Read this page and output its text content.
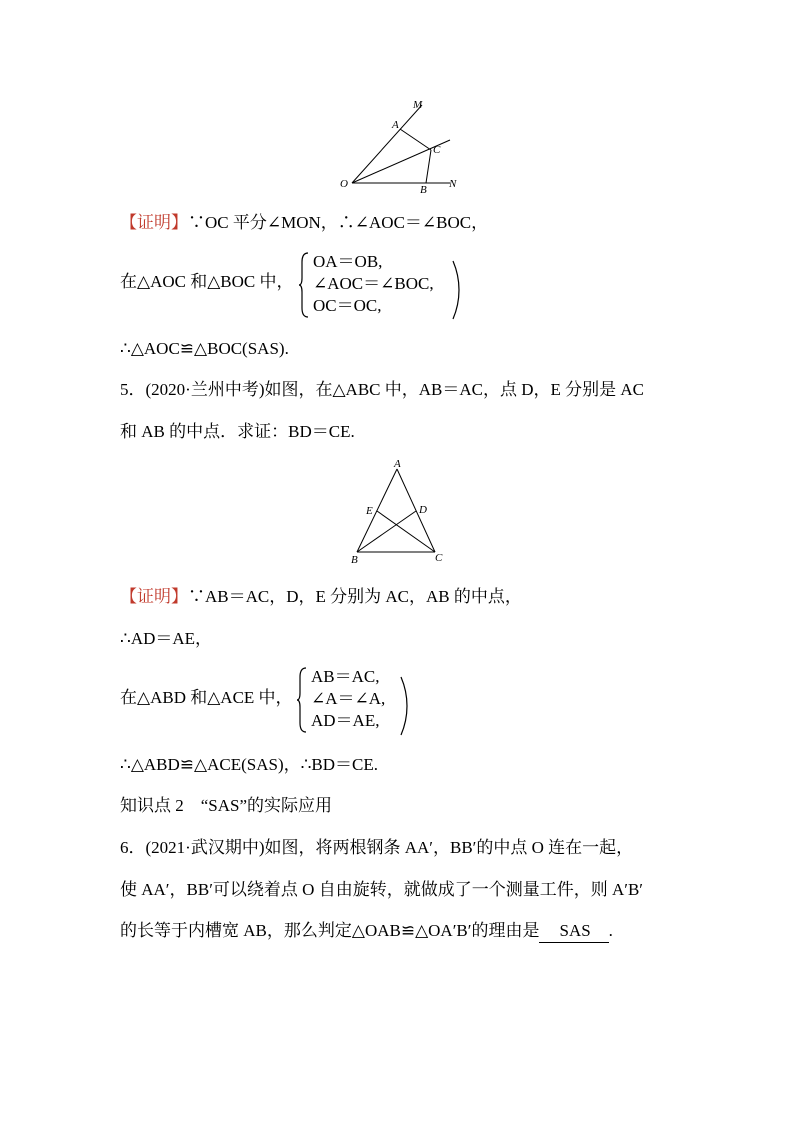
M
A
C
O	B N
【证明】∵OC 平分∠MON，∴∠AOC＝∠BOC，
在△AOC 和△BOC 中，
OA＝OB,
∠AOC＝∠BOC,
OC＝OC,
∴△AOC≌△BOC(SAS).
5．(2020·兰州中考)如图，在△ABC 中，AB＝AC，点 D，E 分别是 AC
和 AB 的中点．求证：BD＝CE.
A
E	D
B	C
【证明】∵AB＝AC，D，E 分别为 AC，AB 的中点，
∴AD＝AE，
在△ABD 和△ACE 中，
AB＝AC,
∠A＝∠A,
AD＝AE,
∴△ABD≌△ACE(SAS)，∴BD＝CE.
知识点 2　“SAS”的实际应用
6．(2021·武汉期中)如图，将两根钢条 AA′，BB′的中点 O 连在一起，
使 AA′，BB′可以绕着点 O 自由旋转，就做成了一个测量工件，则 A′B′
的长等于内槽宽 AB，那么判定△OAB≌△OA′B′的理由是 SAS .
